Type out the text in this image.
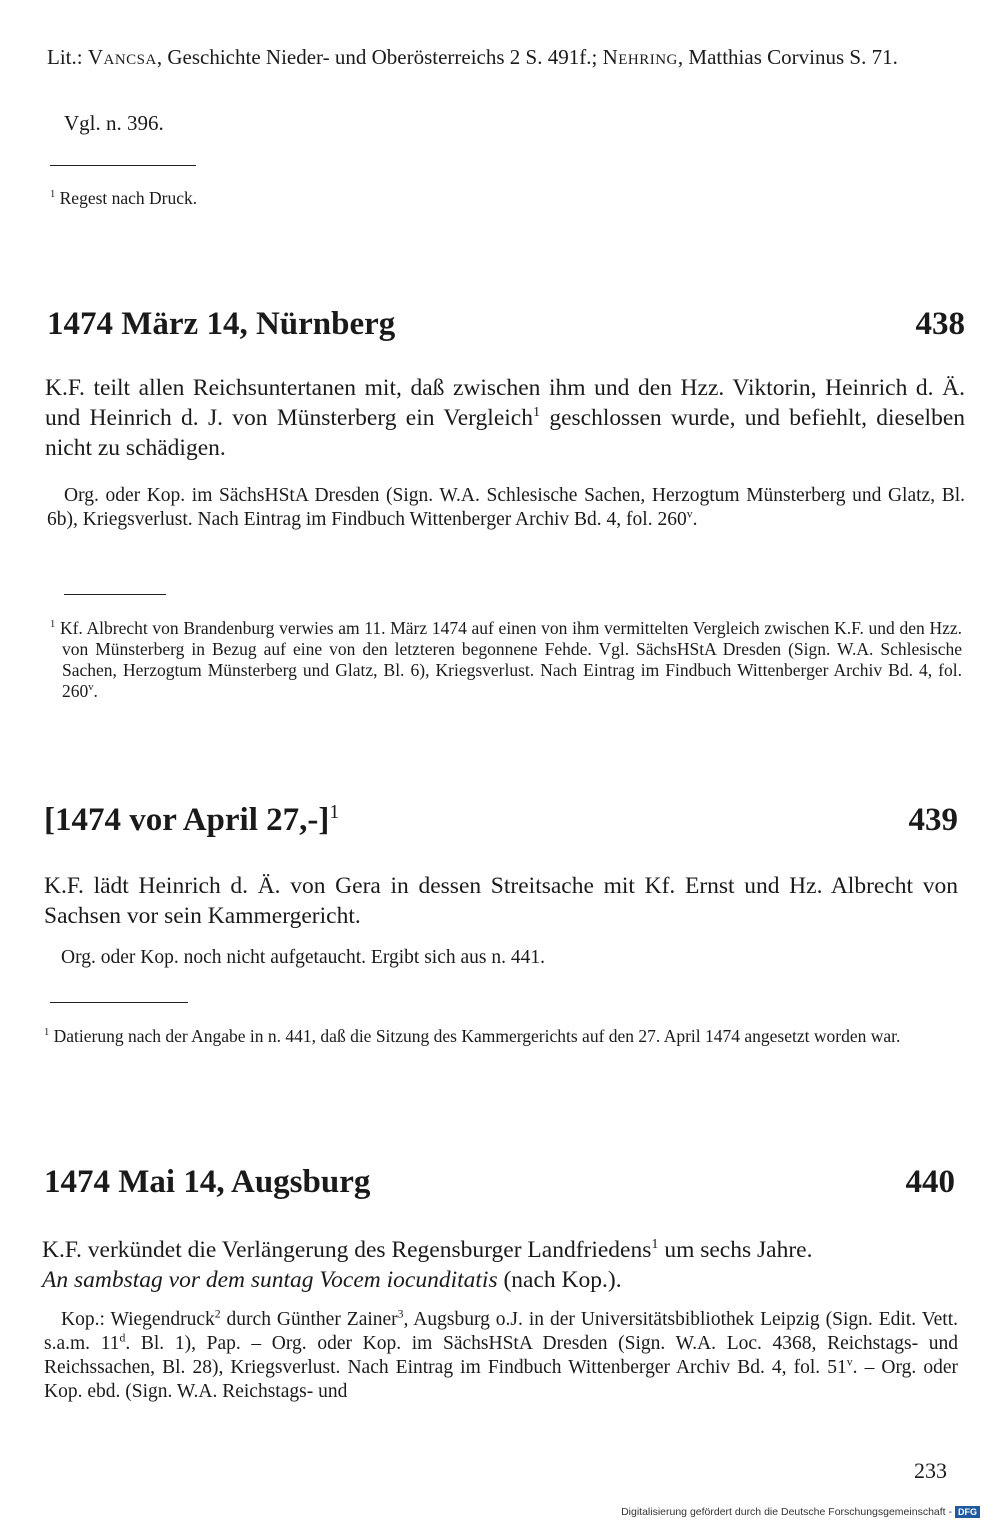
Lit.: Vancsa, Geschichte Nieder- und Oberösterreichs 2 S. 491f.; Nehring, Matthias Corvinus S. 71.
Vgl. n. 396.
$^1$ Regest nach Druck.
1474 März 14, Nürnberg	438
K.F. teilt allen Reichsuntertanen mit, daß zwischen ihm und den Hzz. Viktorin, Heinrich d. Ä. und Heinrich d. J. von Münsterberg ein Vergleich$^1$ geschlossen wurde, und befiehlt, dieselben nicht zu schädigen.
Org. oder Kop. im SächsHStA Dresden (Sign. W.A. Schlesische Sachen, Herzogtum Münsterberg und Glatz, Bl. 6b), Kriegsverlust. Nach Eintrag im Findbuch Wittenberger Archiv Bd. 4, fol. 260$^v$.
$^1$ Kf. Albrecht von Brandenburg verwies am 11. März 1474 auf einen von ihm vermittelten Vergleich zwischen K.F. und den Hzz. von Münsterberg in Bezug auf eine von den letzteren begonnene Fehde. Vgl. SächsHStA Dresden (Sign. W.A. Schlesische Sachen, Herzogtum Münsterberg und Glatz, Bl. 6), Kriegsverlust. Nach Eintrag im Findbuch Wittenberger Archiv Bd. 4, fol. 260$^v$.
[1474 vor April 27,-]$^1$	439
K.F. lädt Heinrich d. Ä. von Gera in dessen Streitsache mit Kf. Ernst und Hz. Albrecht von Sachsen vor sein Kammergericht.
Org. oder Kop. noch nicht aufgetaucht. Ergibt sich aus n. 441.
$^1$ Datierung nach der Angabe in n. 441, daß die Sitzung des Kammergerichts auf den 27. April 1474 angesetzt worden war.
1474 Mai 14, Augsburg	440
K.F. verkündet die Verlängerung des Regensburger Landfriedens$^1$ um sechs Jahre.
An sambstag vor dem suntag Vocem iocunditatis (nach Kop.).
Kop.: Wiegendruck$^2$ durch Günther Zainer$^3$, Augsburg o.J. in der Universitätsbibliothek Leipzig (Sign. Edit. Vett. s.a.m. 11$^d$. Bl. 1), Pap. – Org. oder Kop. im SächsHStA Dresden (Sign. W.A. Loc. 4368, Reichstags- und Reichssachen, Bl. 28), Kriegsverlust. Nach Eintrag im Findbuch Wittenberger Archiv Bd. 4, fol. 51$^v$. – Org. oder Kop. ebd. (Sign. W.A. Reichstags- und
233
Digitalisierung gefördert durch die Deutsche Forschungsgemeinschaft - DFG
